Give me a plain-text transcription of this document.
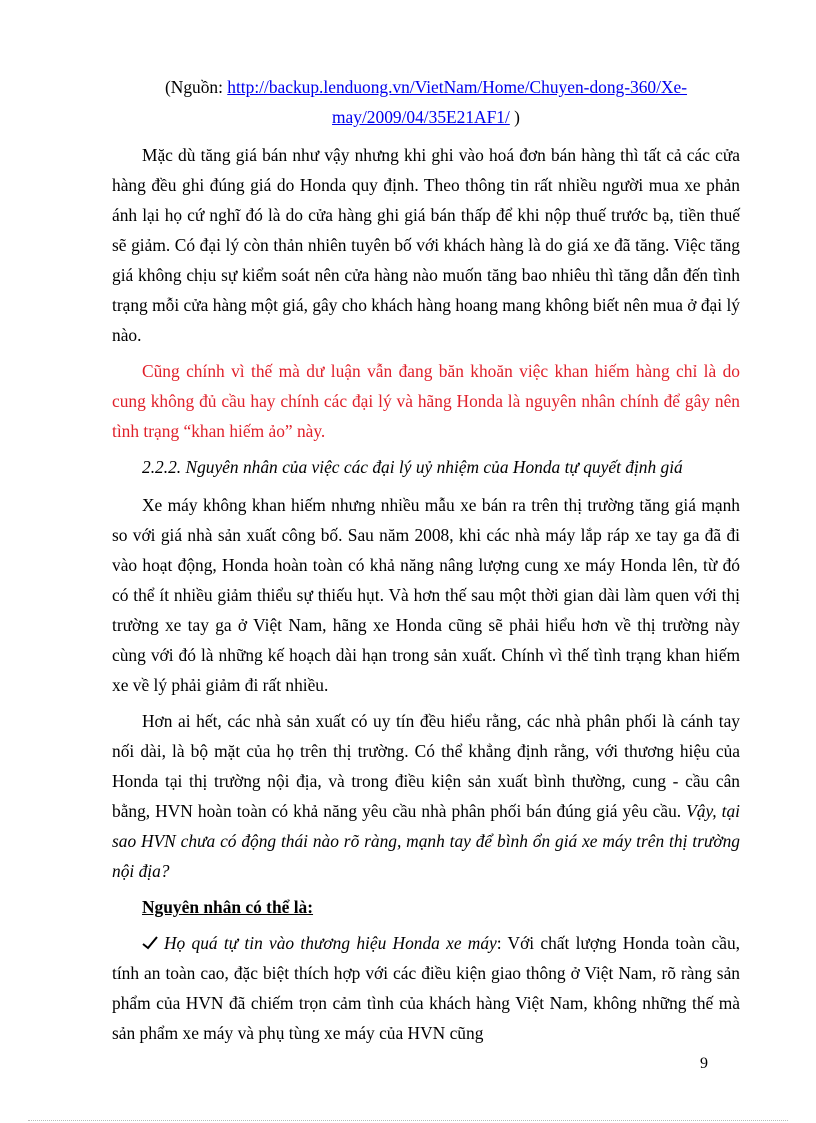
(Nguồn: http://backup.lenduong.vn/VietNam/Home/Chuyen-dong-360/Xe-may/2009/04/35E21AF1/ )

Mặc dù tăng giá bán như vậy nhưng khi ghi vào hoá đơn bán hàng thì tất cả các cửa hàng đều ghi đúng giá do Honda quy định. Theo thông tin rất nhiều người mua xe phản ánh lại họ cứ nghĩ đó là do cửa hàng ghi giá bán thấp để khi nộp thuế trước bạ, tiền thuế sẽ giảm. Có đại lý còn thản nhiên tuyên bố với khách hàng là do giá xe đã tăng. Việc tăng giá không chịu sự kiểm soát nên cửa hàng nào muốn tăng bao nhiêu thì tăng dẫn đến tình trạng mỗi cửa hàng một giá, gây cho khách hàng hoang mang không biết nên mua ở đại lý nào.

Cũng chính vì thế mà dư luận vẫn đang băn khoăn việc khan hiếm hàng chỉ là do cung không đủ cầu hay chính các đại lý và hãng Honda là nguyên nhân chính để gây nên tình trạng “khan hiếm ảo” này.

2.2.2. Nguyên nhân của việc các đại lý uỷ nhiệm của Honda tự quyết định giá

Xe máy không khan hiếm nhưng nhiều mẫu xe bán ra trên thị trường tăng giá mạnh so với giá nhà sản xuất công bố. Sau năm 2008, khi các nhà máy lắp ráp xe tay ga đã đi vào hoạt động, Honda hoàn toàn có khả năng nâng lượng cung xe máy Honda lên, từ đó có thể ít nhiều giảm thiểu sự thiếu hụt. Và hơn thế sau một thời gian dài làm quen với thị trường xe tay ga ở Việt Nam, hãng xe Honda cũng sẽ phải hiểu hơn về thị trường này cùng với đó là những kế hoạch dài hạn trong sản xuất. Chính vì thế tình trạng khan hiếm xe về lý phải giảm đi rất nhiều.

Hơn ai hết, các nhà sản xuất có uy tín đều hiểu rằng, các nhà phân phối là cánh tay nối dài, là bộ mặt của họ trên thị trường. Có thể khẳng định rằng, với thương hiệu của Honda tại thị trường nội địa, và trong điều kiện sản xuất bình thường, cung - cầu cân bằng, HVN hoàn toàn có khả năng yêu cầu nhà phân phối bán đúng giá yêu cầu. Vậy, tại sao HVN chưa có động thái nào rõ ràng, mạnh tay để bình ổn giá xe máy trên thị trường nội địa?

Nguyên nhân có thể là:

Họ quá tự tin vào thương hiệu Honda xe máy: Với chất lượng Honda toàn cầu, tính an toàn cao, đặc biệt thích hợp với các điều kiện giao thông ở Việt Nam, rõ ràng sản phẩm của HVN đã chiếm trọn cảm tình của khách hàng Việt Nam, không những thế mà sản phẩm xe máy và phụ tùng xe máy của HVN cũng

9
